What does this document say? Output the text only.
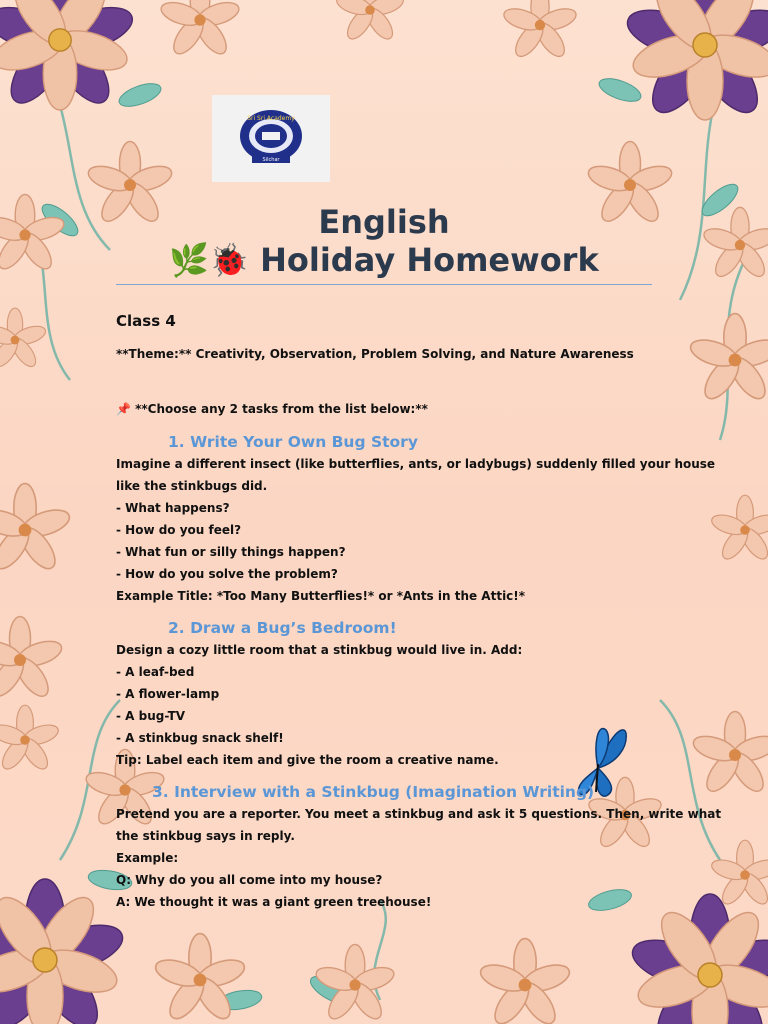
Sri Sri Academy
Silchar
English
🌿🐞 Holiday Homework
Class 4
**Theme:** Creativity, Observation, Problem Solving, and Nature Awareness
📌 **Choose any 2 tasks from the list below:**
1. Write Your Own Bug Story
Imagine a different insect (like butterflies, ants, or ladybugs) suddenly filled your house
like the stinkbugs did.
- What happens?
- How do you feel?
- What fun or silly things happen?
- How do you solve the problem?
Example Title: *Too Many Butterflies!* or *Ants in the Attic!*
2. Draw a Bug’s Bedroom!
Design a cozy little room that a stinkbug would live in. Add:
- A leaf-bed
- A flower-lamp
- A bug-TV
- A stinkbug snack shelf!
Tip: Label each item and give the room a creative name.
3. Interview with a Stinkbug (Imagination Writing)
Pretend you are a reporter. You meet a stinkbug and ask it 5 questions. Then, write what
the stinkbug says in reply.
Example:
Q: Why do you all come into my house?
A: We thought it was a giant green treehouse!
